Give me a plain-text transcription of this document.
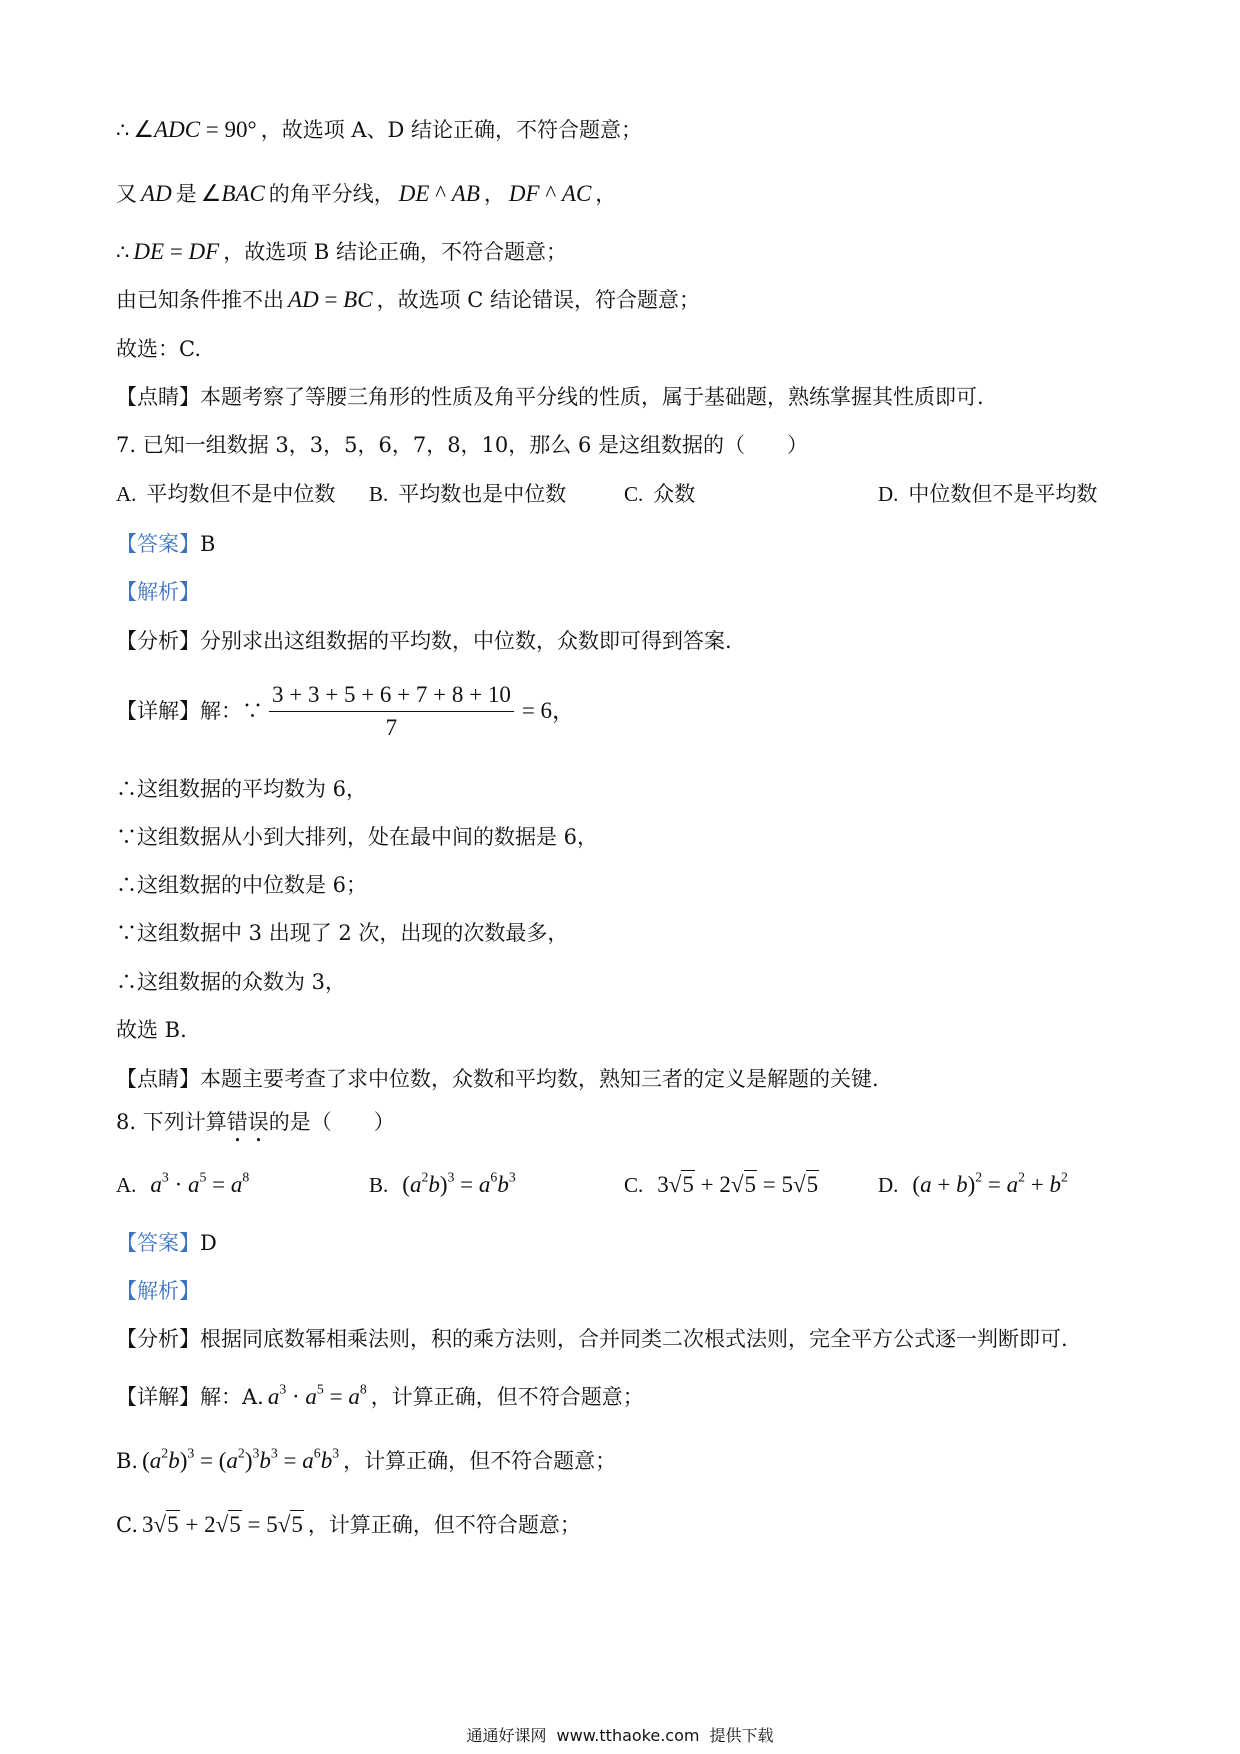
∴ ∠ADC = 90° ，故选项 A、D 结论正确，不符合题意；
又 AD 是 ∠BAC 的角平分线， DE ^ AB ， DF ^ AC ，
∴ DE = DF ，故选项 B 结论正确，不符合题意；
由已知条件推不出 AD = BC ，故选项 C 结论错误，符合题意；
故选：C.
【点睛】本题考察了等腰三角形的性质及角平分线的性质，属于基础题，熟练掌握其性质即可.
7. 已知一组数据 3，3，5，6，7，8，10，那么 6 是这组数据的（　　）
A. 平均数但不是中位数 B. 平均数也是中位数	C. 众数	D. 中位数但不是平均数
【答案】B
【解析】
【分析】分别求出这组数据的平均数，中位数，众数即可得到答案.
【详解】解：∵ $\frac{3 + 3 + 5 + 6 + 7 + 8 + 10}{7} = 6$，
∴这组数据的平均数为 6，
∵这组数据从小到大排列，处在最中间的数据是 6，
∴这组数据的中位数是 6；
∵这组数据中 3 出现了 2 次，出现的次数最多，
∴这组数据的众数为 3，
故选 B.
【点睛】本题主要考查了求中位数，众数和平均数，熟知三者的定义是解题的关键.
8. 下列计算错误的是（　　）
A. $a^3 \cdot a^5 = a^8$	B. $(a^2b)^3 = a^6b^3$	C. 3√5 + 2√5 = 5√5	D. $(a + b)^2 = a^2 + b^2$
【答案】D
【解析】
【分析】根据同底数幂相乘法则，积的乘方法则，合并同类二次根式法则，完全平方公式逐一判断即可.
【详解】解：A. $a^3 \cdot a^5 = a^8$ ，计算正确，但不符合题意；
B. $(a^2b)^3 = (a^2)^3b^3 = a^6b^3$ ，计算正确，但不符合题意；
C. 3√5 + 2√5 = 5√5 ，计算正确，但不符合题意；
通通好课网 www.tthaoke.com 提供下载
